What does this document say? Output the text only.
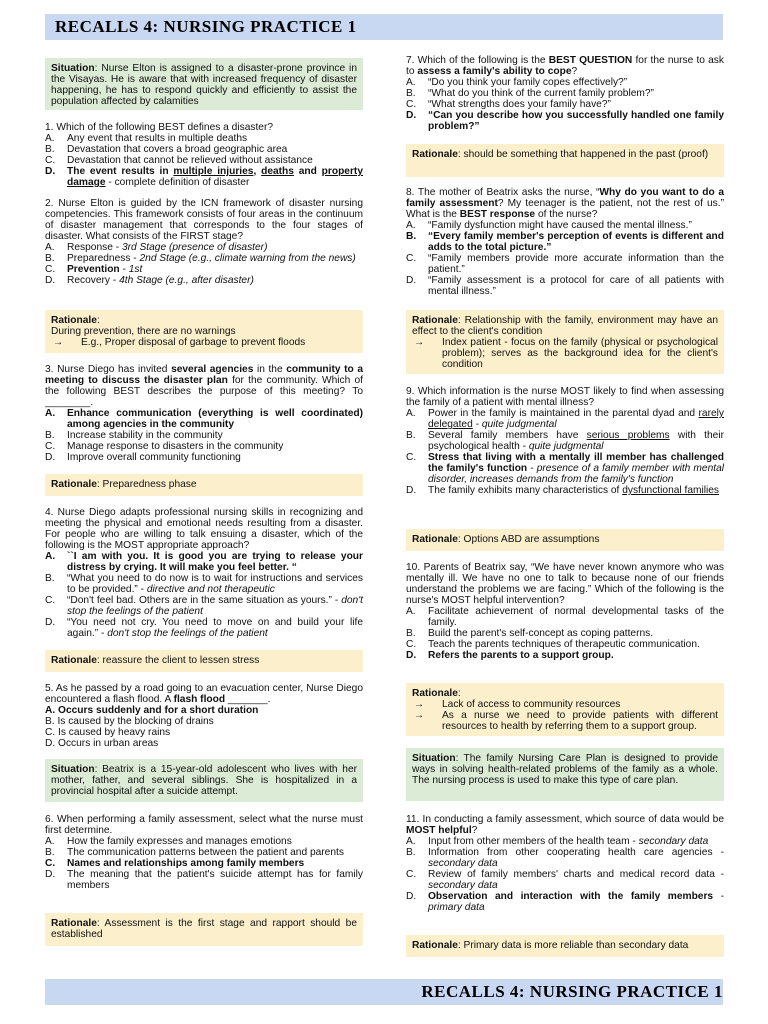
RECALLS 4: NURSING PRACTICE 1

Situation: Nurse Elton is assigned to a disaster-prone province in the Visayas. He is aware that with increased frequency of disaster happening, he has to respond quickly and efficiently to assist the population affected by calamities

1. Which of the following BEST defines a disaster?

A.	Any event that results in multiple deaths
B.	Devastation that covers a broad geographic area
C.	Devastation that cannot be relieved without assistance
D.	The event results in multiple injuries, deaths and property damage - complete definition of disaster

2. Nurse Elton is guided by the ICN framework of disaster nursing competencies. This framework consists of four areas in the continuum of disaster management that corresponds to the four stages of disaster. What consists of the FIRST stage?

A.	Response - 3rd Stage (presence of disaster)
B.	Preparedness - 2nd Stage (e.g., climate warning from the news)
C.	Prevention - 1st
D.	Recovery - 4th Stage (e.g., after disaster)

Rationale:

During prevention, there are no warnings

→	E.g., Proper disposal of garbage to prevent floods

3. Nurse Diego has invited several agencies in the community to a meeting to discuss the disaster plan for the community. Which of the following BEST describes the purpose of this meeting? To ________.

A.	Enhance communication (everything is well coordinated) among agencies in the community
B.	Increase stability in the community
C.	Manage response to disasters in the community
D.	Improve overall community functioning

Rationale: Preparedness phase

4. Nurse Diego adapts professional nursing skills in recognizing and meeting the physical and emotional needs resulting from a disaster. For people who are willing to talk ensuing a disaster, which of the following is the MOST appropriate approach?

A.	``I am with you. It is good you are trying to release your distress by crying. It will make you feel better. “
B.	“What you need to do now is to wait for instructions and services to be provided.” - directive and not therapeutic
C.	“Don't feel bad. Others are in the same situation as yours.” - don't stop the feelings of the patient
D.	“You need not cry. You need to move on and build your life again.” - don't stop the feelings of the patient

Rationale: reassure the client to lessen stress

5. As he passed by a road going to an evacuation center, Nurse Diego encountered a flash flood. A flash flood _______.

A. Occurs suddenly and for a short duration

B. Is caused by the blocking of drains

C. Is caused by heavy rains

D. Occurs in urban areas

Situation: Beatrix is a 15-year-old adolescent who lives with her mother, father, and several siblings. She is hospitalized in a provincial hospital after a suicide attempt.

6. When performing a family assessment, select what the nurse must first determine.

A.	How the family expresses and manages emotions
B.	The communication patterns between the patient and parents
C.	Names and relationships among family members
D.	The meaning that the patient's suicide attempt has for family members

Rationale: Assessment is the first stage and rapport should be established

7. Which of the following is the BEST QUESTION for the nurse to ask to assess a family's ability to cope?

A.	“Do you think your family copes effectively?”
B.	“What do you think of the current family problem?”
C.	“What strengths does your family have?”
D.	“Can you describe how you successfully handled one family problem?”

Rationale: should be something that happened in the past (proof)

8. The mother of Beatrix asks the nurse, “Why do you want to do a family assessment? My teenager is the patient, not the rest of us.” What is the BEST response of the nurse?

A.	“Family dysfunction might have caused the mental illness.”
B.	“Every family member's perception of events is different and adds to the total picture.”
C.	“Family members provide more accurate information than the patient.”
D.	“Family assessment is a protocol for care of all patients with mental illness.”

Rationale: Relationship with the family, environment may have an effect to the client's condition

→	Index patient - focus on the family (physical or psychological problem); serves as the background idea for the client's condition

9. Which information is the nurse MOST likely to find when assessing the family of a patient with mental illness?

A.	Power in the family is maintained in the parental dyad and rarely delegated - quite judgmental
B.	Several family members have serious problems with their psychological health - quite judgmental
C.	Stress that living with a mentally ill member has challenged the family's function - presence of a family member with mental disorder, increases demands from the family's function
D.	The family exhibits many characteristics of dysfunctional families

Rationale: Options ABD are assumptions

10. Parents of Beatrix say, “We have never known anymore who was mentally ill. We have no one to talk to because none of our friends understand the problems we are facing.” Which of the following is the nurse's MOST helpful intervention?

A.	Facilitate achievement of normal developmental tasks of the family.
B.	Build the parent's self-concept as coping patterns.
C.	Teach the parents techniques of therapeutic communication.
D.	Refers the parents to a support group.

Rationale:

→	Lack of access to community resources
→	As a nurse we need to provide patients with different resources to health by referring them to a support group.

Situation: The family Nursing Care Plan is designed to provide ways in solving health-related problems of the family as a whole. The nursing process is used to make this type of care plan.

11. In conducting a family assessment, which source of data would be MOST helpful?

A.	Input from other members of the health team - secondary data
B.	Information from other cooperating health care agencies - secondary data
C.	Review of family members' charts and medical record data - secondary data
D.	Observation and interaction with the family members - primary data

Rationale: Primary data is more reliable than secondary data

RECALLS 4: NURSING PRACTICE 1
